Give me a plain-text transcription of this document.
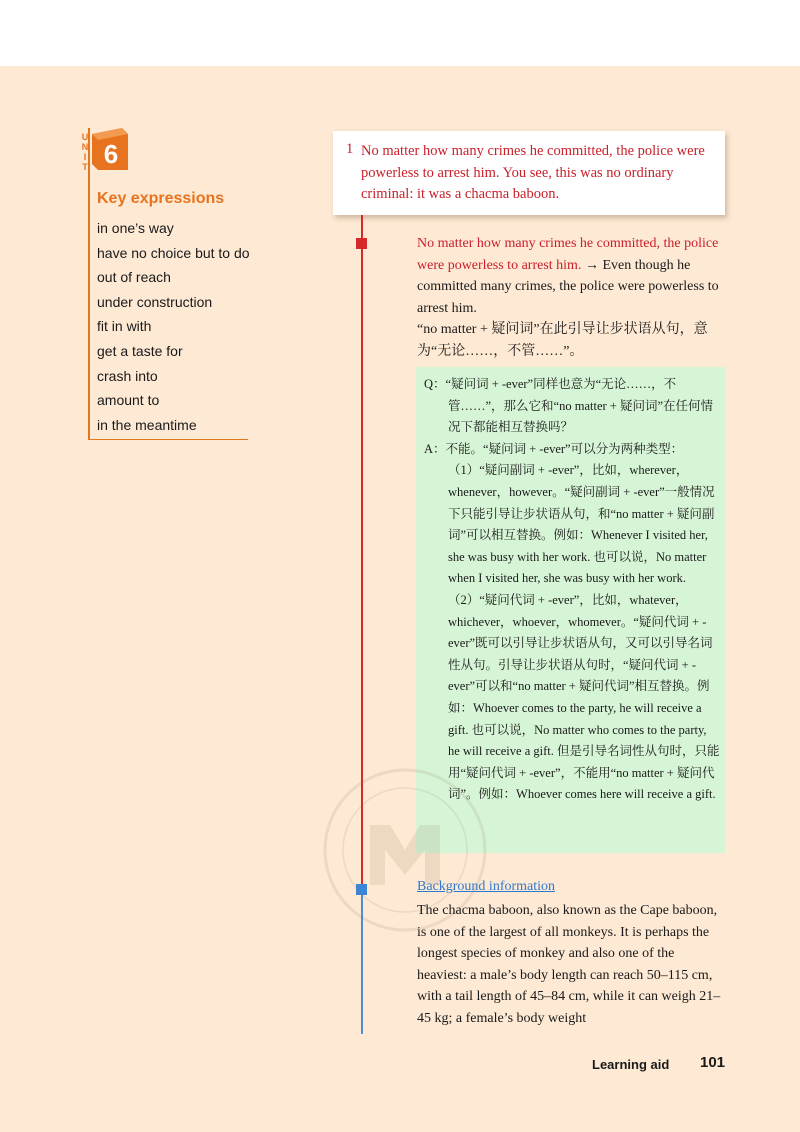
U
N
I
T 6
Key expressions
in one’s way
have no choice but to do
out of reach
under construction
fit in with
get a taste for
crash into
amount to
in the meantime
1 No matter how many crimes he committed, the police were powerless to arrest him. You see, this was no ordinary criminal: it was a chacma baboon.
No matter how many crimes he committed, the police were powerless to arrest him. → Even though he committed many crimes, the police were powerless to arrest him.
“no matter + 疑问词”在此引导让步状语从句，意为“无论……，不管……”。

Q：“疑问词 + -ever”同样也意为“无论……，不管……”，那么它和“no matter + 疑问词”在任何情况下都能相互替换吗？

A：不能。“疑问词 + -ever”可以分为两种类型：（1）“疑问副词 + -ever”，比如，wherever，whenever，however。“疑问副词 + -ever”一般情况下只能引导让步状语从句，和“no matter + 疑问副词”可以相互替换。例如：Whenever I visited her, she was busy with her work. 也可以说，No matter when I visited her, she was busy with her work.（2）“疑问代词 + -ever”，比如，whatever，whichever，whoever，whomever。“疑问代词 + -ever”既可以引导让步状语从句，又可以引导名词性从句。引导让步状语从句时，“疑问代词 + -ever”可以和“no matter + 疑问代词”相互替换。例如：Whoever comes to the party, he will receive a gift. 也可以说，No matter who comes to the party, he will receive a gift. 但是引导名词性从句时，只能用“疑问代词 + -ever”，不能用“no matter + 疑问代词”。例如：Whoever comes here will receive a gift.

Background information
The chacma baboon, also known as the Cape baboon, is one of the largest of all monkeys. It is perhaps the longest species of monkey and also one of the heaviest: a male’s body length can reach 50–115 cm, with a tail length of 45–84 cm, while it can weigh 21–45 kg; a female’s body weight
Learning aid 101
